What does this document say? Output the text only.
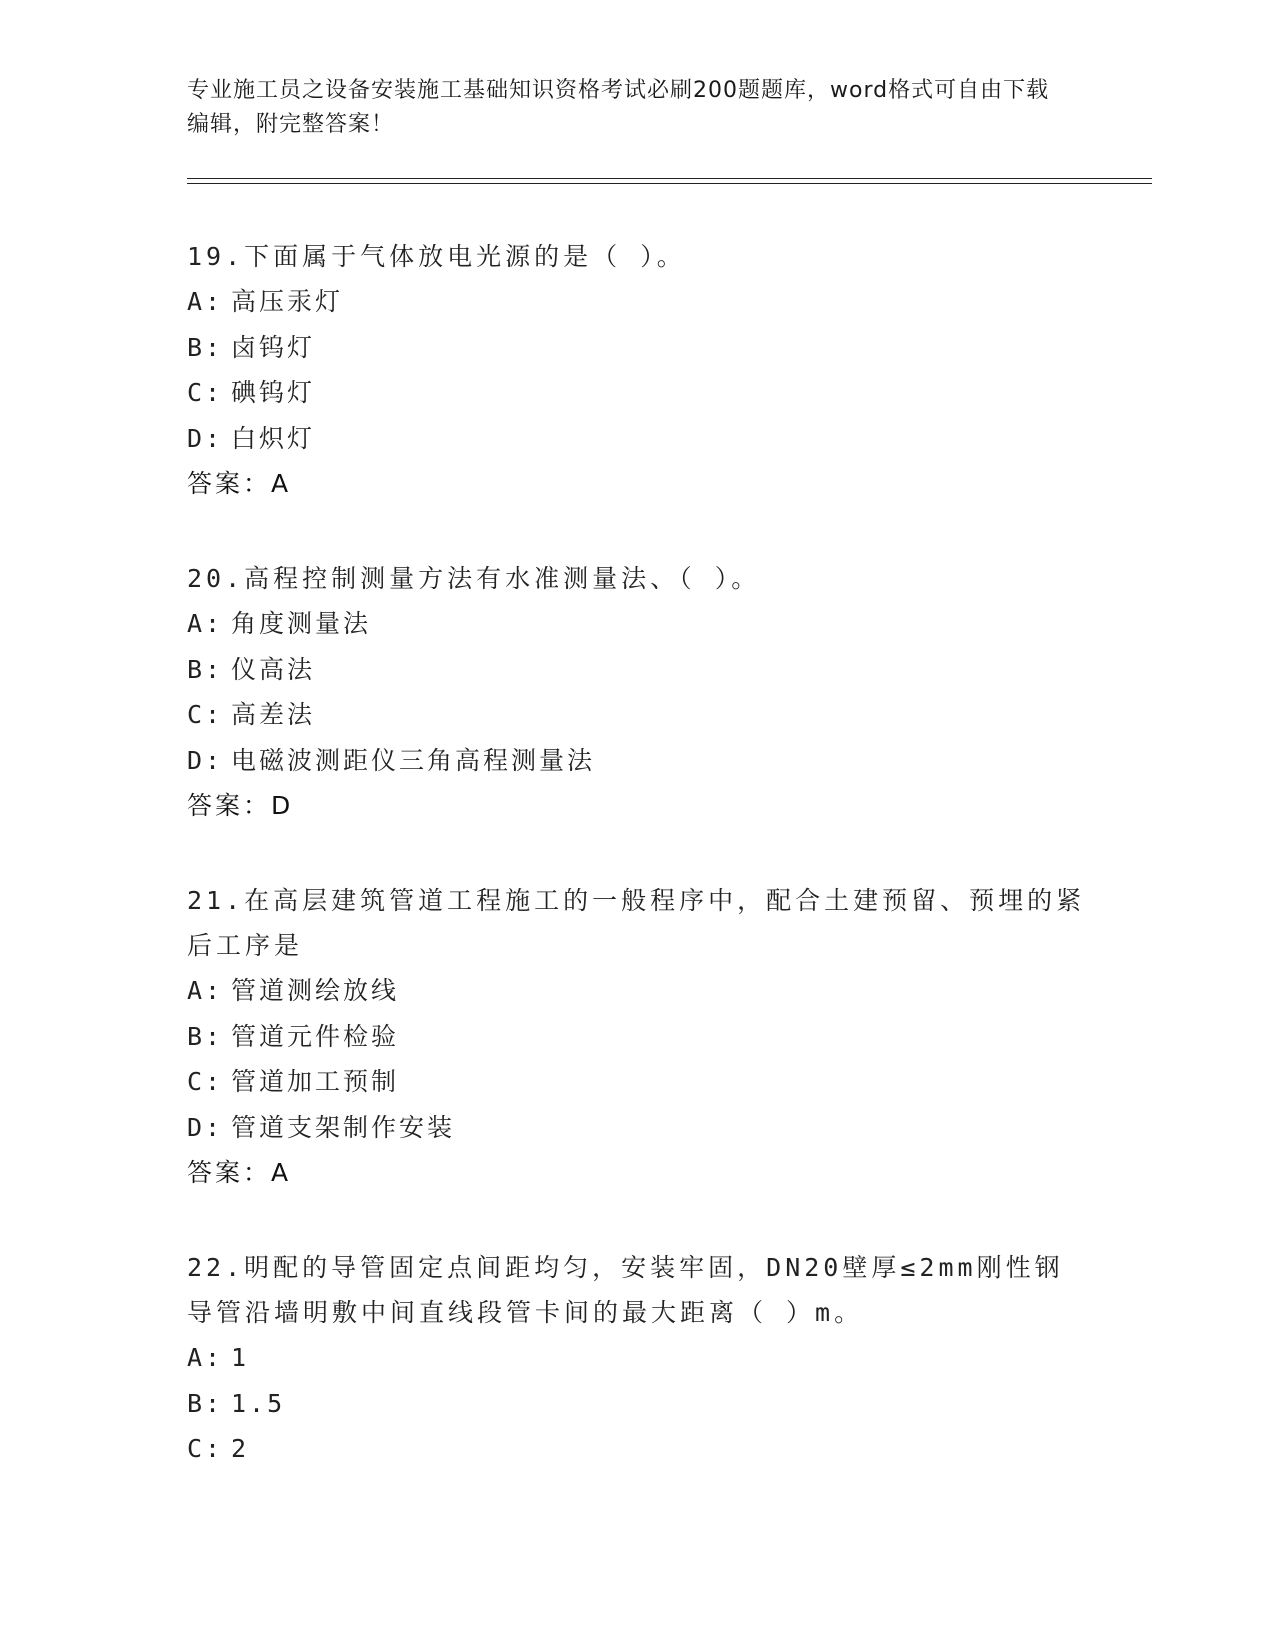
专业施工员之设备安装施工基础知识资格考试必刷200题题库，word格式可自由下载编辑，附完整答案！

19.下面属于气体放电光源的是（ ）。

A: 高压汞灯

B: 卤钨灯

C: 碘钨灯

D: 白炽灯

答案：A

20.高程控制测量方法有水准测量法、（ ）。

A: 角度测量法

B: 仪高法

C: 高差法

D: 电磁波测距仪三角高程测量法

答案：D

21.在高层建筑管道工程施工的一般程序中，配合土建预留、预埋的紧后工序是

A: 管道测绘放线

B: 管道元件检验

C: 管道加工预制

D: 管道支架制作安装

答案：A

22.明配的导管固定点间距均匀，安装牢固，DN20壁厚≤2mm刚性钢导管沿墙明敷中间直线段管卡间的最大距离（ ）m。

A: 1

B: 1.5

C: 2
